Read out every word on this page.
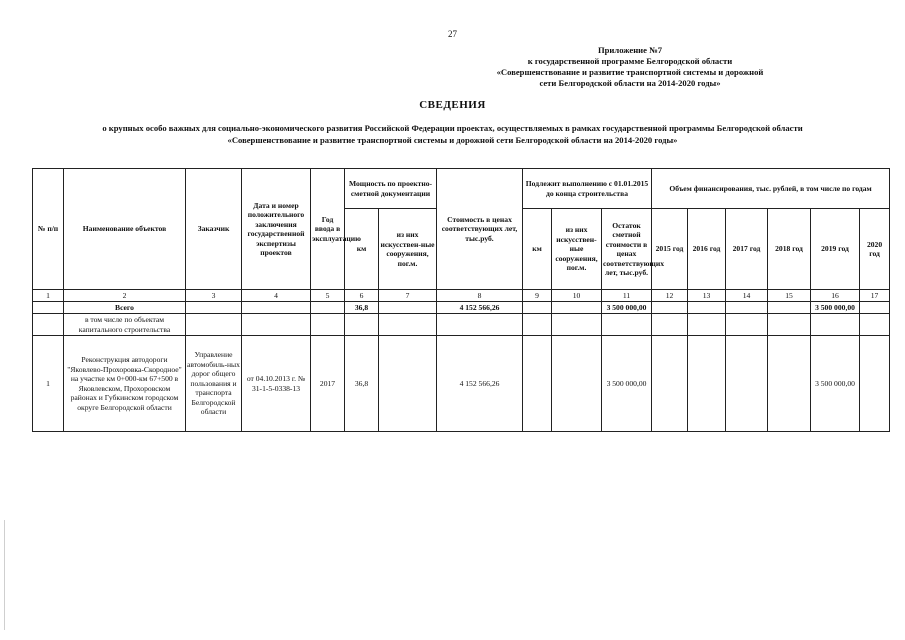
27
Приложение №7
к государственной программе Белгородской области
«Совершенствование и развитие транспортной системы и дорожной
сети Белгородской области на 2014-2020 годы»
СВЕДЕНИЯ
о крупных особо важных для социально-экономического развития Российской Федерации проектах, осуществляемых в рамках государственной программы Белгородской области
«Совершенствование и развитие транспортной системы и дорожной сети Белгородской области на 2014-2020 годы»
№ п/п	Наименование объектов	Заказчик	Дата и номер положительного заключения государственной экспертизы проектов	Год ввода в эксплуатацию	Мощность по проектно-сметной документации		Стоимость в ценах соответствующих лет, тыс.руб.	Подлежит выполнению с 01.01.2015 до конца строительства			Объем финансирования, тыс. рублей, в том числе по годам					
					км	из них искусствен-ные сооружения, пог.м.		км	из них искусствен-ные сооружения, пог.м.	Остаток сметной стоимости в ценах соответствующих лет, тыс.руб.	2015 год	2016 год	2017 год	2018 год	2019 год	2020 год
1	2	3	4	5	6	7	8	9	10	11	12	13	14	15	16	17
	Всего				36,8		4 152 566,26			3 500 000,00					3 500 000,00	
	в том числе по объектам капитального строительства															
1	Реконструкция автодороги "Яковлево-Прохоровка-Скородное" на участке км 0+000-км 67+500 в Яковлевском, Прохоровском районах и Губкинском городском округе Белгородской области	Управление автомобиль-ных дорог общего пользования и транспорта Белгородской области	от 04.10.2013 г. № 31-1-5-0338-13	2017	36,8		4 152 566,26			3 500 000,00					3 500 000,00	
